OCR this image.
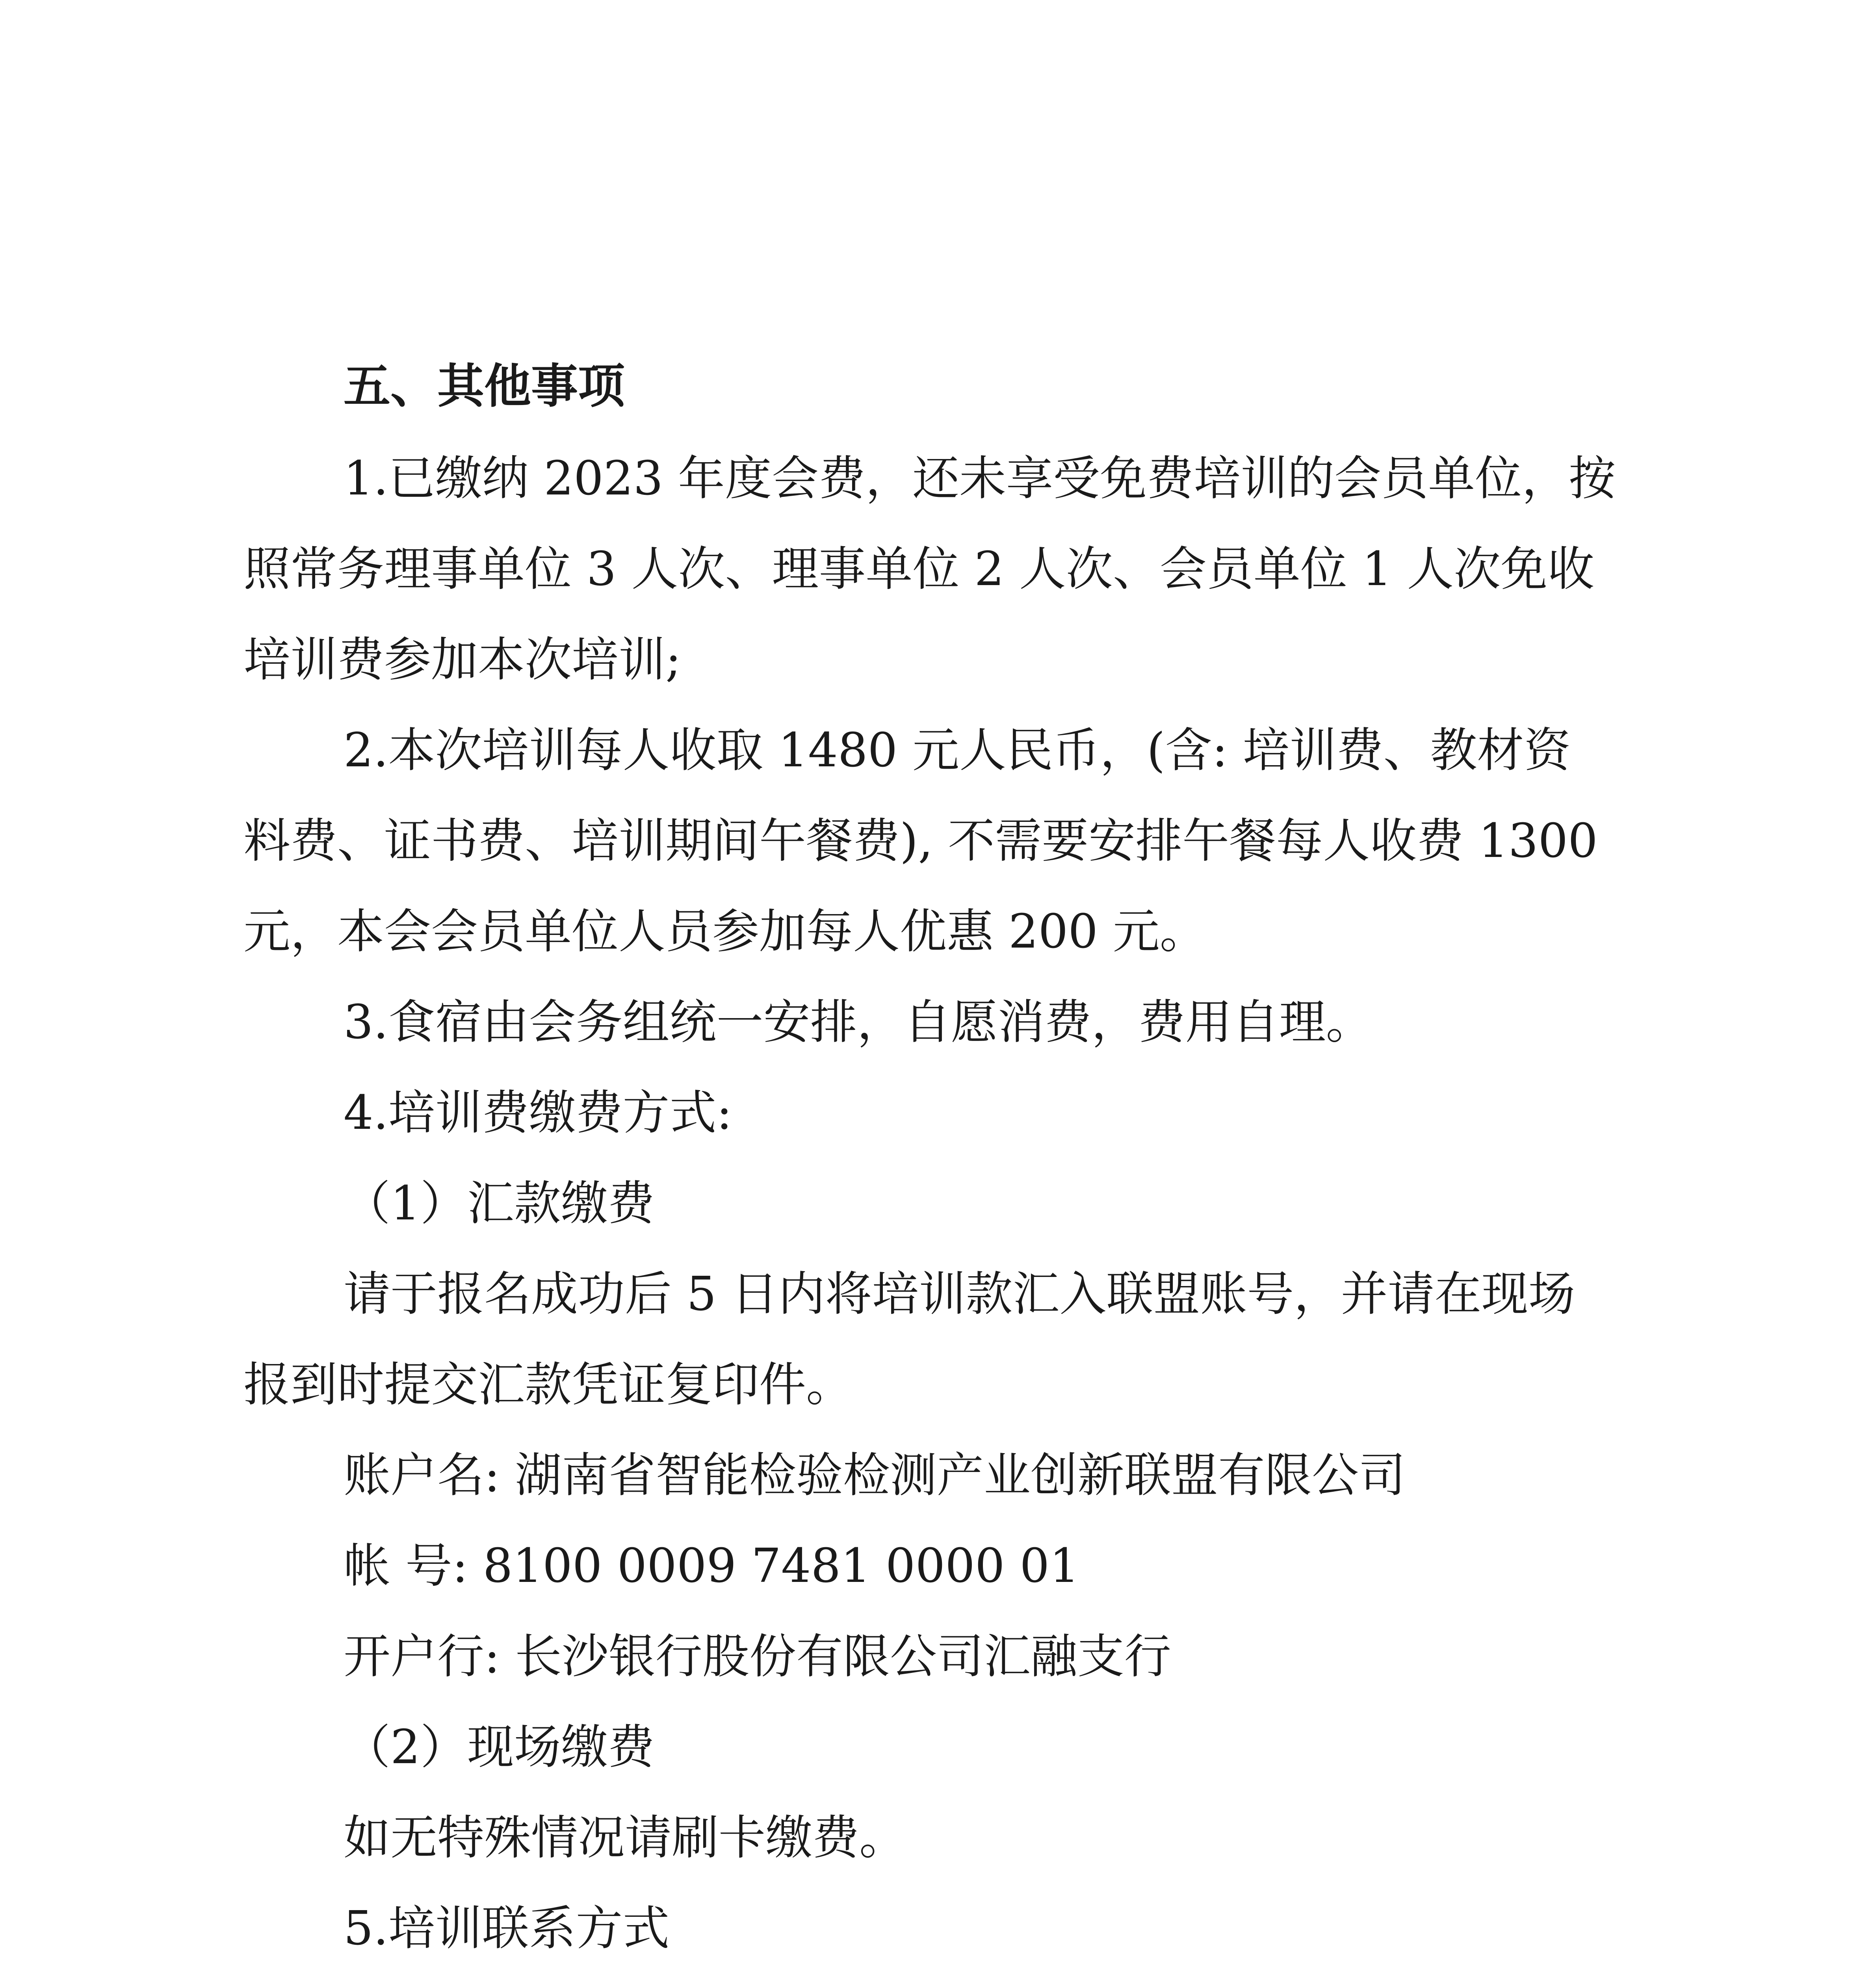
五、其他事项
1.已缴纳 2023 年度会费，还未享受免费培训的会员单位，按
照常务理事单位 3 人次、理事单位 2 人次、会员单位 1 人次免收
培训费参加本次培训;
2.本次培训每人收取 1480 元人民币，(含: 培训费、教材资
料费、证书费、培训期间午餐费), 不需要安排午餐每人收费 1300
元，本会会员单位人员参加每人优惠 200 元。
3.食宿由会务组统一安排，自愿消费，费用自理。
4.培训费缴费方式:
（1）汇款缴费
请于报名成功后 5 日内将培训款汇入联盟账号，并请在现场
报到时提交汇款凭证复印件。
账户名: 湖南省智能检验检测产业创新联盟有限公司
帐 号: 8100 0009 7481 0000 01
开户行: 长沙银行股份有限公司汇融支行
（2）现场缴费
如无特殊情况请刷卡缴费。
5.培训联系方式
